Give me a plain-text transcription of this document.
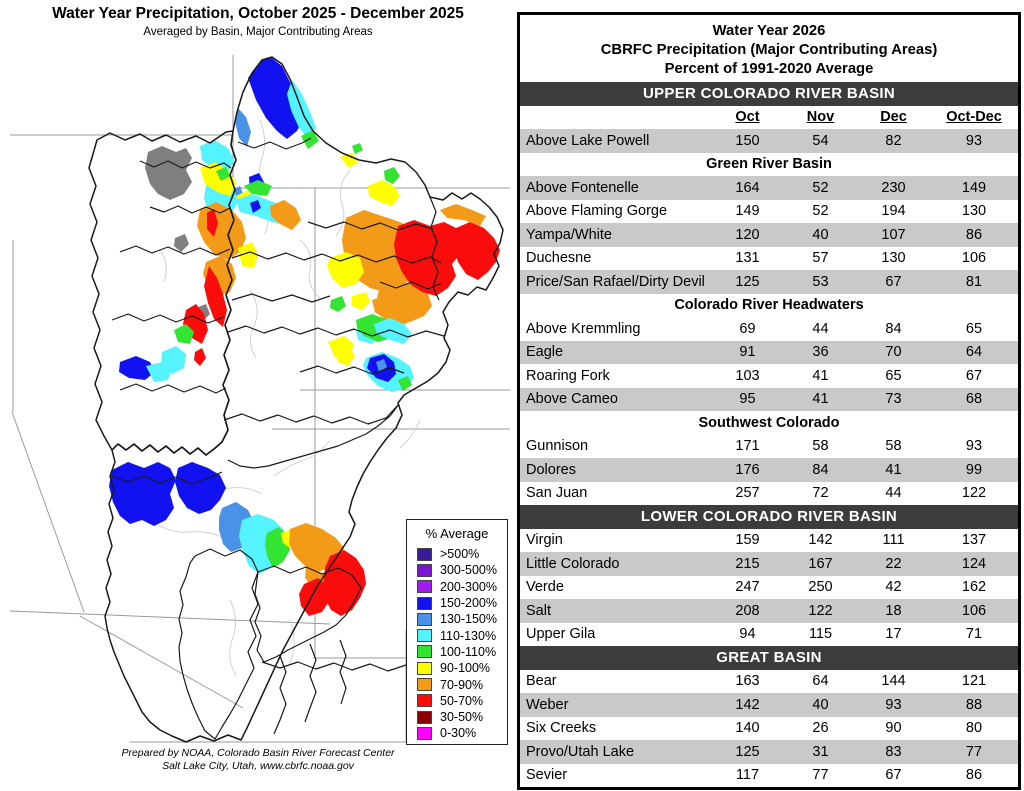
Water Year Precipitation, October 2025 - December 2025
Averaged by Basin, Major Contributing Areas
% Average
>500%
300-500%
200-300%
150-200%
130-150%
110-130%
100-110%
90-100%
70-90%
50-70%
30-50%
0-30%
Prepared by NOAA, Colorado Basin River Forecast Center
Salt Lake City, Utah, www.cbrfc.noaa.gov
Water Year 2026
CBRFC Precipitation (Major Contributing Areas)
Percent of 1991-2020 Average
UPPER COLORADO RIVER BASIN
Oct	Nov	Dec	Oct-Dec
Above Lake Powell	150	54	82	93
Green River Basin
Above Fontenelle	164	52	230	149
Above Flaming Gorge	149	52	194	130
Yampa/White	120	40	107	86
Duchesne	131	57	130	106
Price/San Rafael/Dirty Devil	125	53	67	81
Colorado River Headwaters
Above Kremmling	69	44	84	65
Eagle	91	36	70	64
Roaring Fork	103	41	65	67
Above Cameo	95	41	73	68
Southwest Colorado
Gunnison	171	58	58	93
Dolores	176	84	41	99
San Juan	257	72	44	122
LOWER COLORADO RIVER BASIN
Virgin	159	142	111	137
Little Colorado	215	167	22	124
Verde	247	250	42	162
Salt	208	122	18	106
Upper Gila	94	115	17	71
GREAT BASIN
Bear	163	64	144	121
Weber	142	40	93	88
Six Creeks	140	26	90	80
Provo/Utah Lake	125	31	83	77
Sevier	117	77	67	86
